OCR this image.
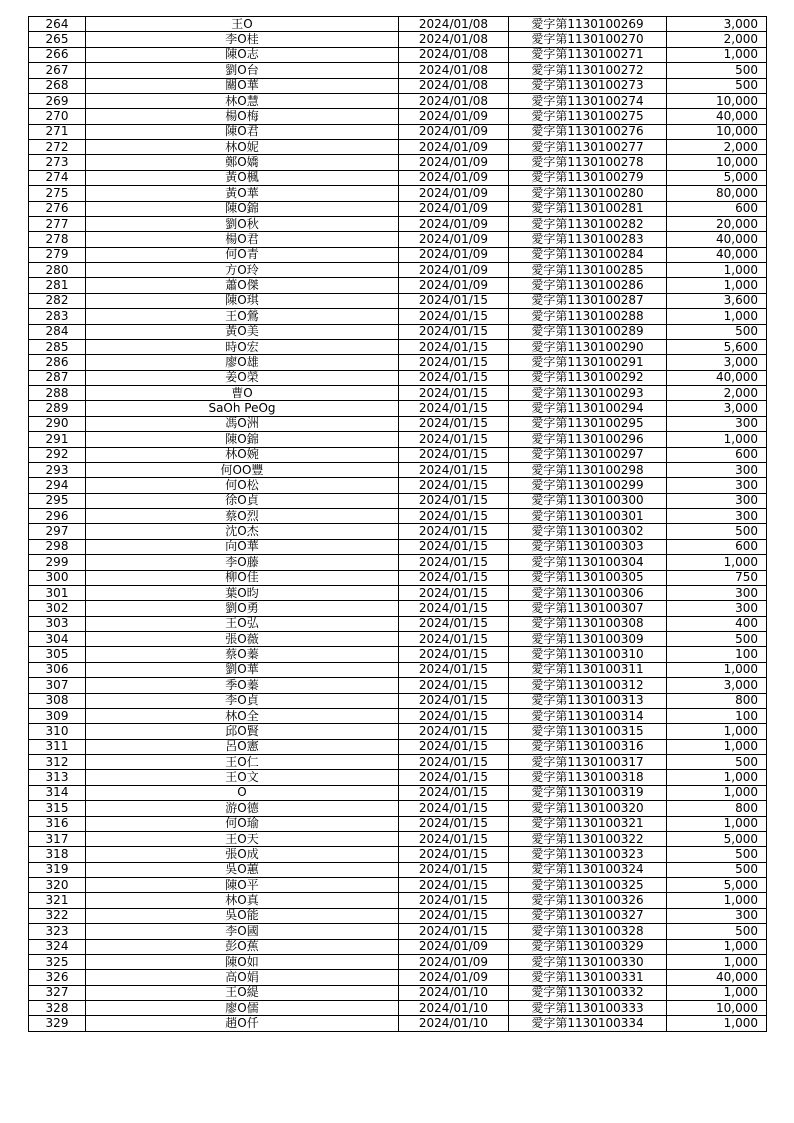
264	王O	2024/01/08	愛字第1130100269	3,000
265	李O桂	2024/01/08	愛字第1130100270	2,000
266	陳O志	2024/01/08	愛字第1130100271	1,000
267	劉O台	2024/01/08	愛字第1130100272	500
268	關O華	2024/01/08	愛字第1130100273	500
269	林O慧	2024/01/08	愛字第1130100274	10,000
270	楊O梅	2024/01/09	愛字第1130100275	40,000
271	陳O君	2024/01/09	愛字第1130100276	10,000
272	林O妮	2024/01/09	愛字第1130100277	2,000
273	鄭O嬌	2024/01/09	愛字第1130100278	10,000
274	黃O楓	2024/01/09	愛字第1130100279	5,000
275	黃O華	2024/01/09	愛字第1130100280	80,000
276	陳O錦	2024/01/09	愛字第1130100281	600
277	劉O秋	2024/01/09	愛字第1130100282	20,000
278	楊O君	2024/01/09	愛字第1130100283	40,000
279	何O青	2024/01/09	愛字第1130100284	40,000
280	方O玲	2024/01/09	愛字第1130100285	1,000
281	蕭O傑	2024/01/09	愛字第1130100286	1,000
282	陳O琪	2024/01/15	愛字第1130100287	3,600
283	王O鶯	2024/01/15	愛字第1130100288	1,000
284	黃O美	2024/01/15	愛字第1130100289	500
285	時O宏	2024/01/15	愛字第1130100290	5,600
286	廖O雄	2024/01/15	愛字第1130100291	3,000
287	姜O榮	2024/01/15	愛字第1130100292	40,000
288	曹O	2024/01/15	愛字第1130100293	2,000
289	SaOh PeOg	2024/01/15	愛字第1130100294	3,000
290	馮O洲	2024/01/15	愛字第1130100295	300
291	陳O錦	2024/01/15	愛字第1130100296	1,000
292	林O婉	2024/01/15	愛字第1130100297	600
293	何OO豐	2024/01/15	愛字第1130100298	300
294	何O松	2024/01/15	愛字第1130100299	300
295	徐O貞	2024/01/15	愛字第1130100300	300
296	蔡O烈	2024/01/15	愛字第1130100301	300
297	沈O杰	2024/01/15	愛字第1130100302	500
298	向O華	2024/01/15	愛字第1130100303	600
299	李O藤	2024/01/15	愛字第1130100304	1,000
300	柳O佳	2024/01/15	愛字第1130100305	750
301	葉O昀	2024/01/15	愛字第1130100306	300
302	劉O勇	2024/01/15	愛字第1130100307	300
303	王O弘	2024/01/15	愛字第1130100308	400
304	張O薇	2024/01/15	愛字第1130100309	500
305	蔡O蓁	2024/01/15	愛字第1130100310	100
306	劉O華	2024/01/15	愛字第1130100311	1,000
307	季O蓁	2024/01/15	愛字第1130100312	3,000
308	李O貞	2024/01/15	愛字第1130100313	800
309	林O全	2024/01/15	愛字第1130100314	100
310	邱O賢	2024/01/15	愛字第1130100315	1,000
311	呂O憲	2024/01/15	愛字第1130100316	1,000
312	王O仁	2024/01/15	愛字第1130100317	500
313	王O文	2024/01/15	愛字第1130100318	1,000
314	O	2024/01/15	愛字第1130100319	1,000
315	游O德	2024/01/15	愛字第1130100320	800
316	何O瑜	2024/01/15	愛字第1130100321	1,000
317	王O天	2024/01/15	愛字第1130100322	5,000
318	張O成	2024/01/15	愛字第1130100323	500
319	吳O蕙	2024/01/15	愛字第1130100324	500
320	陳O平	2024/01/15	愛字第1130100325	5,000
321	林O真	2024/01/15	愛字第1130100326	1,000
322	吳O能	2024/01/15	愛字第1130100327	300
323	李O國	2024/01/15	愛字第1130100328	500
324	彭O蕉	2024/01/09	愛字第1130100329	1,000
325	陳O如	2024/01/09	愛字第1130100330	1,000
326	高O娟	2024/01/09	愛字第1130100331	40,000
327	王O緹	2024/01/10	愛字第1130100332	1,000
328	廖O儒	2024/01/10	愛字第1130100333	10,000
329	趙O仟	2024/01/10	愛字第1130100334	1,000
